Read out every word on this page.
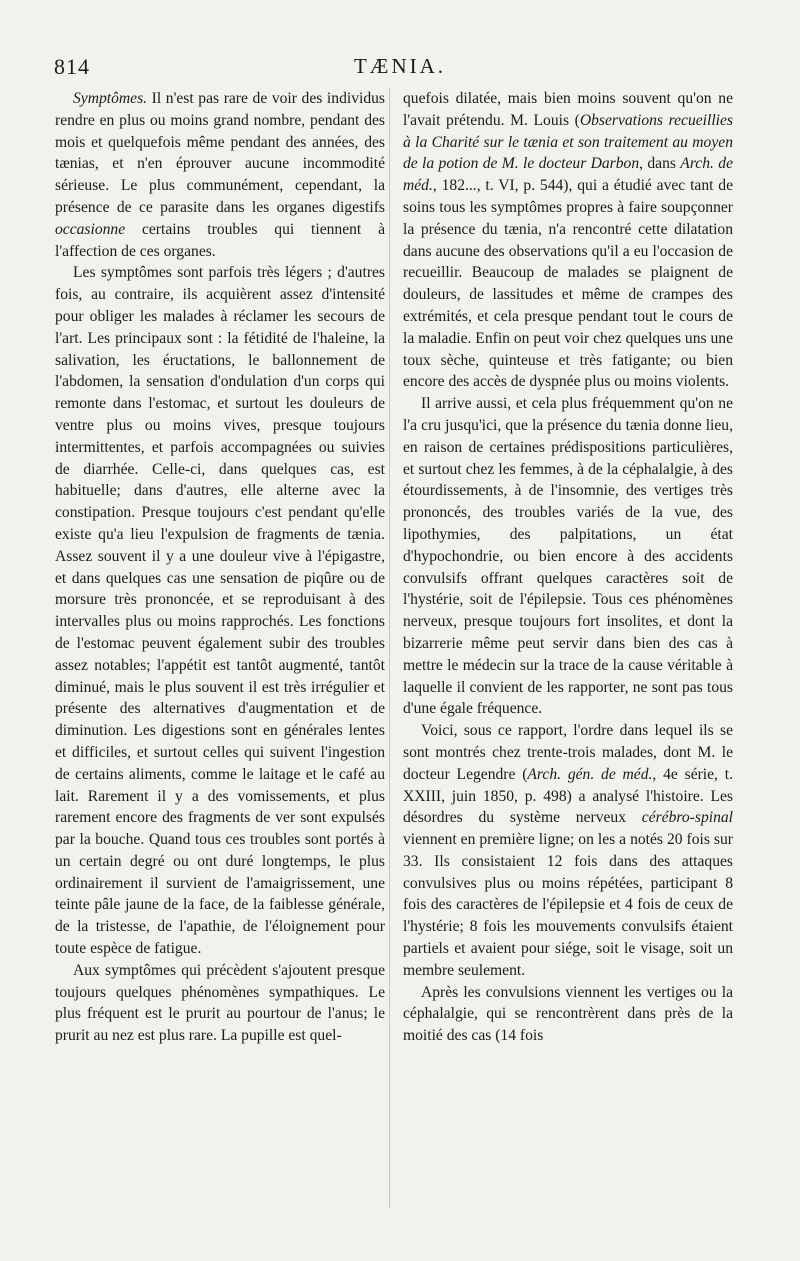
814	TÆNIA.

Symptômes. Il n'est pas rare de voir des individus rendre en plus ou moins grand nombre, pendant des mois et quelquefois même pendant des années, des tænias, et n'en éprouver aucune incommodité sérieuse. Le plus communément, cependant, la présence de ce parasite dans les organes digestifs occasionne certains troubles qui tiennent à l'affection de ces organes.

Les symptômes sont parfois très légers ; d'autres fois, au contraire, ils acquièrent assez d'intensité pour obliger les malades à réclamer les secours de l'art. Les principaux sont : la fétidité de l'haleine, la salivation, les éructations, le ballonnement de l'abdomen, la sensation d'ondulation d'un corps qui remonte dans l'estomac, et surtout les douleurs de ventre plus ou moins vives, presque toujours intermittentes, et parfois accompagnées ou suivies de diarrhée. Celle-ci, dans quelques cas, est habituelle; dans d'autres, elle alterne avec la constipation. Presque toujours c'est pendant qu'elle existe qu'a lieu l'expulsion de fragments de tænia. Assez souvent il y a une douleur vive à l'épigastre, et dans quelques cas une sensation de piqûre ou de morsure très prononcée, et se reproduisant à des intervalles plus ou moins rapprochés. Les fonctions de l'estomac peuvent également subir des troubles assez notables; l'appétit est tantôt augmenté, tantôt diminué, mais le plus souvent il est très irrégulier et présente des alternatives d'augmentation et de diminution. Les digestions sont en générales lentes et difficiles, et surtout celles qui suivent l'ingestion de certains aliments, comme le laitage et le café au lait. Rarement il y a des vomissements, et plus rarement encore des fragments de ver sont expulsés par la bouche. Quand tous ces troubles sont portés à un certain degré ou ont duré longtemps, le plus ordinairement il survient de l'amaigrissement, une teinte pâle jaune de la face, de la faiblesse générale, de la tristesse, de l'apathie, de l'éloignement pour toute espèce de fatigue.

Aux symptômes qui précèdent s'ajoutent presque toujours quelques phénomènes sympathiques. Le plus fréquent est le prurit au pourtour de l'anus; le prurit au nez est plus rare. La pupille est quel-

quefois dilatée, mais bien moins souvent qu'on ne l'avait prétendu. M. Louis (Observations recueillies à la Charité sur le tænia et son traitement au moyen de la potion de M. le docteur Darbon, dans Arch. de méd., 182..., t. VI, p. 544), qui a étudié avec tant de soins tous les symptômes propres à faire soupçonner la présence du tænia, n'a rencontré cette dilatation dans aucune des observations qu'il a eu l'occasion de recueillir. Beaucoup de malades se plaignent de douleurs, de lassitudes et même de crampes des extrémités, et cela presque pendant tout le cours de la maladie. Enfin on peut voir chez quelques uns une toux sèche, quinteuse et très fatigante; ou bien encore des accès de dyspnée plus ou moins violents.

Il arrive aussi, et cela plus fréquemment qu'on ne l'a cru jusqu'ici, que la présence du tænia donne lieu, en raison de certaines prédispositions particulières, et surtout chez les femmes, à de la céphalalgie, à des étourdissements, à de l'insomnie, des vertiges très prononcés, des troubles variés de la vue, des lipothymies, des palpitations, un état d'hypochondrie, ou bien encore à des accidents convulsifs offrant quelques caractères soit de l'hystérie, soit de l'épilepsie. Tous ces phénomènes nerveux, presque toujours fort insolites, et dont la bizarrerie même peut servir dans bien des cas à mettre le médecin sur la trace de la cause véritable à laquelle il convient de les rapporter, ne sont pas tous d'une égale fréquence.

Voici, sous ce rapport, l'ordre dans lequel ils se sont montrés chez trente-trois malades, dont M. le docteur Legendre (Arch. gén. de méd., 4e série, t. XXIII, juin 1850, p. 498) a analysé l'histoire. Les désordres du système nerveux cérébro-spinal viennent en première ligne; on les a notés 20 fois sur 33. Ils consistaient 12 fois dans des attaques convulsives plus ou moins répétées, participant 8 fois des caractères de l'épilepsie et 4 fois de ceux de l'hystérie; 8 fois les mouvements convulsifs étaient partiels et avaient pour siége, soit le visage, soit un membre seulement.

Après les convulsions viennent les vertiges ou la céphalalgie, qui se rencontrèrent dans près de la moitié des cas (14 fois
